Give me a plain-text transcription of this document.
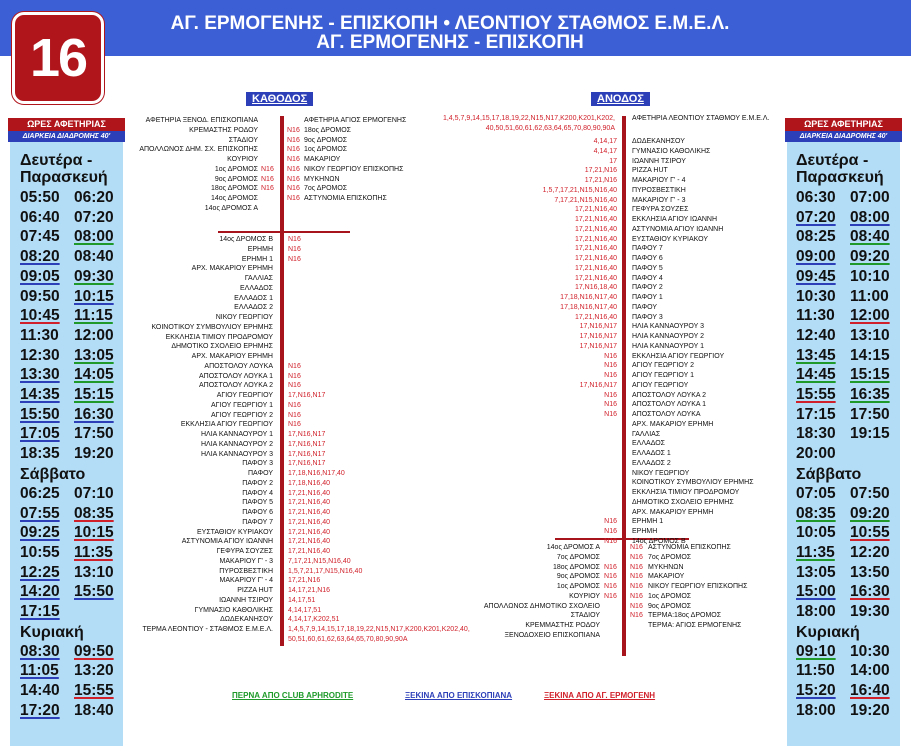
16
ΑΓ. ΕΡΜΟΓΕΝΗΣ - ΕΠΙΣΚΟΠΗ • ΛΕΟΝΤΙΟΥ ΣΤΑΘΜΟΣ Ε.Μ.Ε.Λ.
ΑΓ. ΕΡΜΟΓΕΝΗΣ - ΕΠΙΣΚΟΠΗ
ΩΡΕΣ ΑΦΕΤΗΡΙΑΣ
ΔΙΑΡΚΕΙΑ ΔΙΑΔΡΟΜΗΣ 40'
Δευτέρα -
Παρασκευή
05:50 06:20
06:40 07:20
07:45 08:00
08:20 08:40
09:05 09:30
09:50 10:15
10:45 11:15
11:30 12:00
12:30 13:05
13:30 14:05
14:35 15:15
15:50 16:30
17:05 17:50
18:35 19:20
Σάββατο
06:25 07:10
07:55 08:35
09:25 10:15
10:55 11:35
12:25 13:10
14:20 15:50
17:15
Κυριακή
08:30 09:50
11:05 13:20
14:40 15:55
17:20 18:40
ΩΡΕΣ ΑΦΕΤΗΡΙΑΣ
ΔΙΑΡΚΕΙΑ ΔΙΑΔΡΟΜΗΣ 40'
Δευτέρα -
Παρασκευή
06:30 07:00
07:20 08:00
08:25 08:40
09:00 09:20
09:45 10:10
10:30 11:00
11:30 12:00
12:40 13:10
13:45 14:15
14:45 15:15
15:55 16:35
17:15 17:50
18:30 19:15
20:00
Σάββατο
07:05 07:50
08:35 09:20
10:05 10:55
11:35 12:20
13:05 13:50
15:00 16:30
18:00 19:30
Κυριακή
09:10 10:30
11:50 14:00
15:20 16:40
18:00 19:20
ΚΑΘΟΔΟΣ	ΑΝΟΔΟΣ
ΑΦΕΤΗΡΙΑ ΞΕΝΟΔ. ΕΠΙΣΚΟΠΙΑΝΑ
ΚΡΕΜΑΣΤΗΣ ΡΟΔΟΥ
ΣΤΑΔΙΟΥ
ΑΠΟΛΛΩΝΟΣ ΔΗΜ. ΣΧ. ΕΠΙΣΚΟΠΗΣ
ΚΟΥΡΙΟΥ
1ος ΔΡΟΜΟΣ N16
9ος ΔΡΟΜΟΣ N16
18ος ΔΡΟΜΟΣ N16
14ος ΔΡΟΜΟΣ
14ος ΔΡΟΜΟΣ Α
ΑΦΕΤΗΡΙΑ ΑΓΙΟΣ ΕΡΜΟΓΕΝΗΣ
N16 18ος ΔΡΟΜΟΣ
N16 9ος ΔΡΟΜΟΣ
N16 1ος ΔΡΟΜΟΣ
N16 ΜΑΚΑΡΙΟΥ
N16 ΝΙΚΟΥ ΓΕΩΡΓΙΟΥ ΕΠΙΣΚΟΠΗΣ
N16 ΜΥΚΗΝΩΝ
N16 7ος ΔΡΟΜΟΣ
N16 ΑΣΤΥΝΟΜΙΑ ΕΠΙΣΚΟΠΗΣ
14ος ΔΡΟΜΟΣ Β N16
ΕΡΗΜΗ N16
ΕΡΗΜΗ 1 N16
ΑΡΧ. ΜΑΚΑΡΙΟΥ ΕΡΗΜΗ
ΓΑΛΛΙΑΣ
ΕΛΛΑΔΟΣ
ΕΛΛΑΔΟΣ 1
ΕΛΛΑΔΟΣ 2
ΝΙΚΟΥ ΓΕΩΡΓΙΟΥ
ΚΟΙΝΟΤΙΚΟΥ ΣΥΜΒΟΥΛΙΟΥ ΕΡΗΜΗΣ
ΕΚΚΛΗΣΙΑ ΤΙΜΙΟΥ ΠΡΟΔΡΟΜΟΥ
ΔΗΜΟΤΙΚΟ ΣΧΟΛΕΙΟ ΕΡΗΜΗΣ
ΑΡΧ. ΜΑΚΑΡΙΟΥ ΕΡΗΜΗ
ΑΠΟΣΤΟΛΟΥ ΛΟΥΚΑ N16
ΑΠΟΣΤΟΛΟΥ ΛΟΥΚΑ 1 N16
ΑΠΟΣΤΟΛΟΥ ΛΟΥΚΑ 2 N16
ΑΓΙΟΥ ΓΕΩΡΓΙΟΥ 17,N16,N17
ΑΓΙΟΥ ΓΕΩΡΓΙΟΥ 1 N16
ΑΓΙΟΥ ΓΕΩΡΓΙΟΥ 2 N16
ΕΚΚΛΗΣΙΑ ΑΓΙΟΥ ΓΕΩΡΓΙΟΥ N16
ΗΛΙΑ ΚΑΝΝΑΟΥΡΟΥ 1 17,N16,N17
ΗΛΙΑ ΚΑΝΝΑΟΥΡΟΥ 2 17,N16,N17
ΗΛΙΑ ΚΑΝΝΑΟΥΡΟΥ 3 17,N16,N17
ΠΑΦΟΥ 3 17,N16,N17
ΠΑΦΟΥ 17,18,N16,N17,40
ΠΑΦΟΥ 2 17,18,N16,40
ΠΑΦΟΥ 4 17,21,N16,40
ΠΑΦΟΥ 5 17,21,N16,40
ΠΑΦΟΥ 6 17,21,N16,40
ΠΑΦΟΥ 7 17,21,N16,40
ΕΥΣΤΑΘΙΟΥ ΚΥΡΙΑΚΟΥ 17,21,N16,40
ΑΣΤΥΝΟΜΙΑ ΑΓΙΟΥ ΙΩΑΝΝΗ 17,21,N16,40
ΓΕΦΥΡΑ ΣΟΥΖΕΣ 17,21,N16,40
ΜΑΚΑΡΙΟΥ Γ' - 3 7,17,21,N15,N16,40
ΠΥΡΟΣΒΕΣΤΙΚΗ 1,5,7,21,17,N15,N16,40
ΜΑΚΑΡΙΟΥ Γ' - 4 17,21,N16
PIZZA HUT 14,17,21,N16
ΙΩΑΝΝΗ ΤΣΙΡΟΥ 14,17,51
ΓΥΜΝΑΣΙΟ ΚΑΘΟΛΙΚΗΣ 4,14,17,51
ΔΩΔΕΚΑΝΗΣΟΥ 4,14,17,K202,51
ΤΕΡΜΑ ΛΕΟΝΤΙΟΥ - ΣΤΑΘΜΟΣ Ε.Μ.Ε.Λ. 1,4,5,7,9,14,15,17,18,19,22,N15,N17,K200,K201,K202,40,
50,51,60,61,62,63,64,65,70,80,90,90A
1,4,5,7,9,14,15,17,18,19,22,N15,N17,K200,K201,K202,
40,50,51,60,61,62,63,64,65,70,80,90,90A
ΑΦΕΤΗΡΙΑ ΛΕΟΝΤΙΟΥ ΣΤΑΘΜΟΥ Ε.Μ.Ε.Λ.
4,14,17 ΔΩΔΕΚΑΝΗΣΟΥ
4,14,17 ΓΥΜΝΑΣΙΟ ΚΑΘΟΛΙΚΗΣ
17 ΙΩΑΝΝΗ ΤΣΙΡΟΥ
17,21,N16 PIZZA HUT
17,21,N16 ΜΑΚΑΡΙΟΥ Γ' - 4
1,5,7,17,21,N15,N16,40 ΠΥΡΟΣΒΕΣΤΙΚΗ
7,17,21,N15,N16,40 ΜΑΚΑΡΙΟΥ Γ' - 3
17,21,N16,40 ΓΕΦΥΡΑ ΣΟΥΖΕΣ
17,21,N16,40 ΕΚΚΛΗΣΙΑ ΑΓΙΟΥ ΙΩΑΝΝΗ
17,21,N16,40 ΑΣΤΥΝΟΜΙΑ ΑΓΙΟΥ ΙΩΑΝΝΗ
17,21,N16,40 ΕΥΣΤΑΘΙΟΥ ΚΥΡΙΑΚΟΥ
17,21,N16,40 ΠΑΦΟΥ 7
17,21,N16,40 ΠΑΦΟΥ 6
17,21,N16,40 ΠΑΦΟΥ 5
17,21,N16,40 ΠΑΦΟΥ 4
17,N16,18,40 ΠΑΦΟΥ 2
17,18,N16,N17,40 ΠΑΦΟΥ 1
17,18,N16,N17,40 ΠΑΦΟΥ
17,21,N16,40 ΠΑΦΟΥ 3
17,N16,N17 ΗΛΙΑ ΚΑΝΝΑΟΥΡΟΥ 3
17,N16,N17 ΗΛΙΑ ΚΑΝΝΑΟΥΡΟΥ 2
17,N16,N17 ΗΛΙΑ ΚΑΝΝΑΟΥΡΟΥ 1
N16 ΕΚΚΛΗΣΙΑ ΑΓΙΟΥ ΓΕΩΡΓΙΟΥ
N16 ΑΓΙΟΥ ΓΕΩΡΓΙΟΥ 2
N16 ΑΓΙΟΥ ΓΕΩΡΓΙΟΥ 1
17,N16,N17 ΑΓΙΟΥ ΓΕΩΡΓΙΟΥ
N16 ΑΠΟΣΤΟΛΟΥ ΛΟΥΚΑ 2
N16 ΑΠΟΣΤΟΛΟΥ ΛΟΥΚΑ 1
N16 ΑΠΟΣΤΟΛΟΥ ΛΟΥΚΑ
ΑΡΧ. ΜΑΚΑΡΙΟΥ ΕΡΗΜΗ
ΓΑΛΛΙΑΣ
ΕΛΛΑΔΟΣ
ΕΛΛΑΔΟΣ 1
ΕΛΛΑΔΟΣ 2
ΝΙΚΟΥ ΓΕΩΡΓΙΟΥ
ΚΟΙΝΟΤΙΚΟΥ ΣΥΜΒΟΥΛΙΟΥ ΕΡΗΜΗΣ
ΕΚΚΛΗΣΙΑ ΤΙΜΙΟΥ ΠΡΟΔΡΟΜΟΥ
ΔΗΜΟΤΙΚΟ ΣΧΟΛΕΙΟ ΕΡΗΜΗΣ
ΑΡΧ. ΜΑΚΑΡΙΟΥ ΕΡΗΜΗ
N16 ΕΡΗΜΗ 1
N16 ΕΡΗΜΗ
N16 14ος ΔΡΟΜΟΣ Β
14ος ΔΡΟΜΟΣ Α
7ος ΔΡΟΜΟΣ
18ος ΔΡΟΜΟΣ N16
9ος ΔΡΟΜΟΣ N16
1ος ΔΡΟΜΟΣ N16
ΚΟΥΡΙΟΥ N16
ΑΠΟΛΛΩΝΟΣ ΔΗΜΟΤΙΚΟ ΣΧΟΛΕΙΟ
ΣΤΑΔΙΟΥ
ΚΡΕΜΜΑΣΤΗΣ ΡΟΔΟΥ
ΞΕΝΟΔΟΧΕΙΟ ΕΠΙΣΚΟΠΙΑΝΑ
N16 ΑΣΤΥΝΟΜΙΑ ΕΠΙΣΚΟΠΗΣ
N16 7ος ΔΡΟΜΟΣ
N16 ΜΥΚΗΝΩΝ
N16 ΜΑΚΑΡΙΟΥ
N16 ΝΙΚΟΥ ΓΕΩΡΓΙΟΥ ΕΠΙΣΚΟΠΗΣ
N16 1ος ΔΡΟΜΟΣ
N16 9ος ΔΡΟΜΟΣ
N16 ΤΕΡΜΑ:18ος ΔΡΟΜΟΣ
ΤΕΡΜΑ: ΑΓΙΟΣ ΕΡΜΟΓΕΝΗΣ
ΠΕΡΝΑ ΑΠΟ CLUB APHRODITE	ΞΕΚΙΝΑ ΑΠΟ ΕΠΙΣΚΟΠΙΑΝΑ	ΞΕΚΙΝΑ ΑΠΟ ΑΓ. ΕΡΜΟΓΕΝΗ
